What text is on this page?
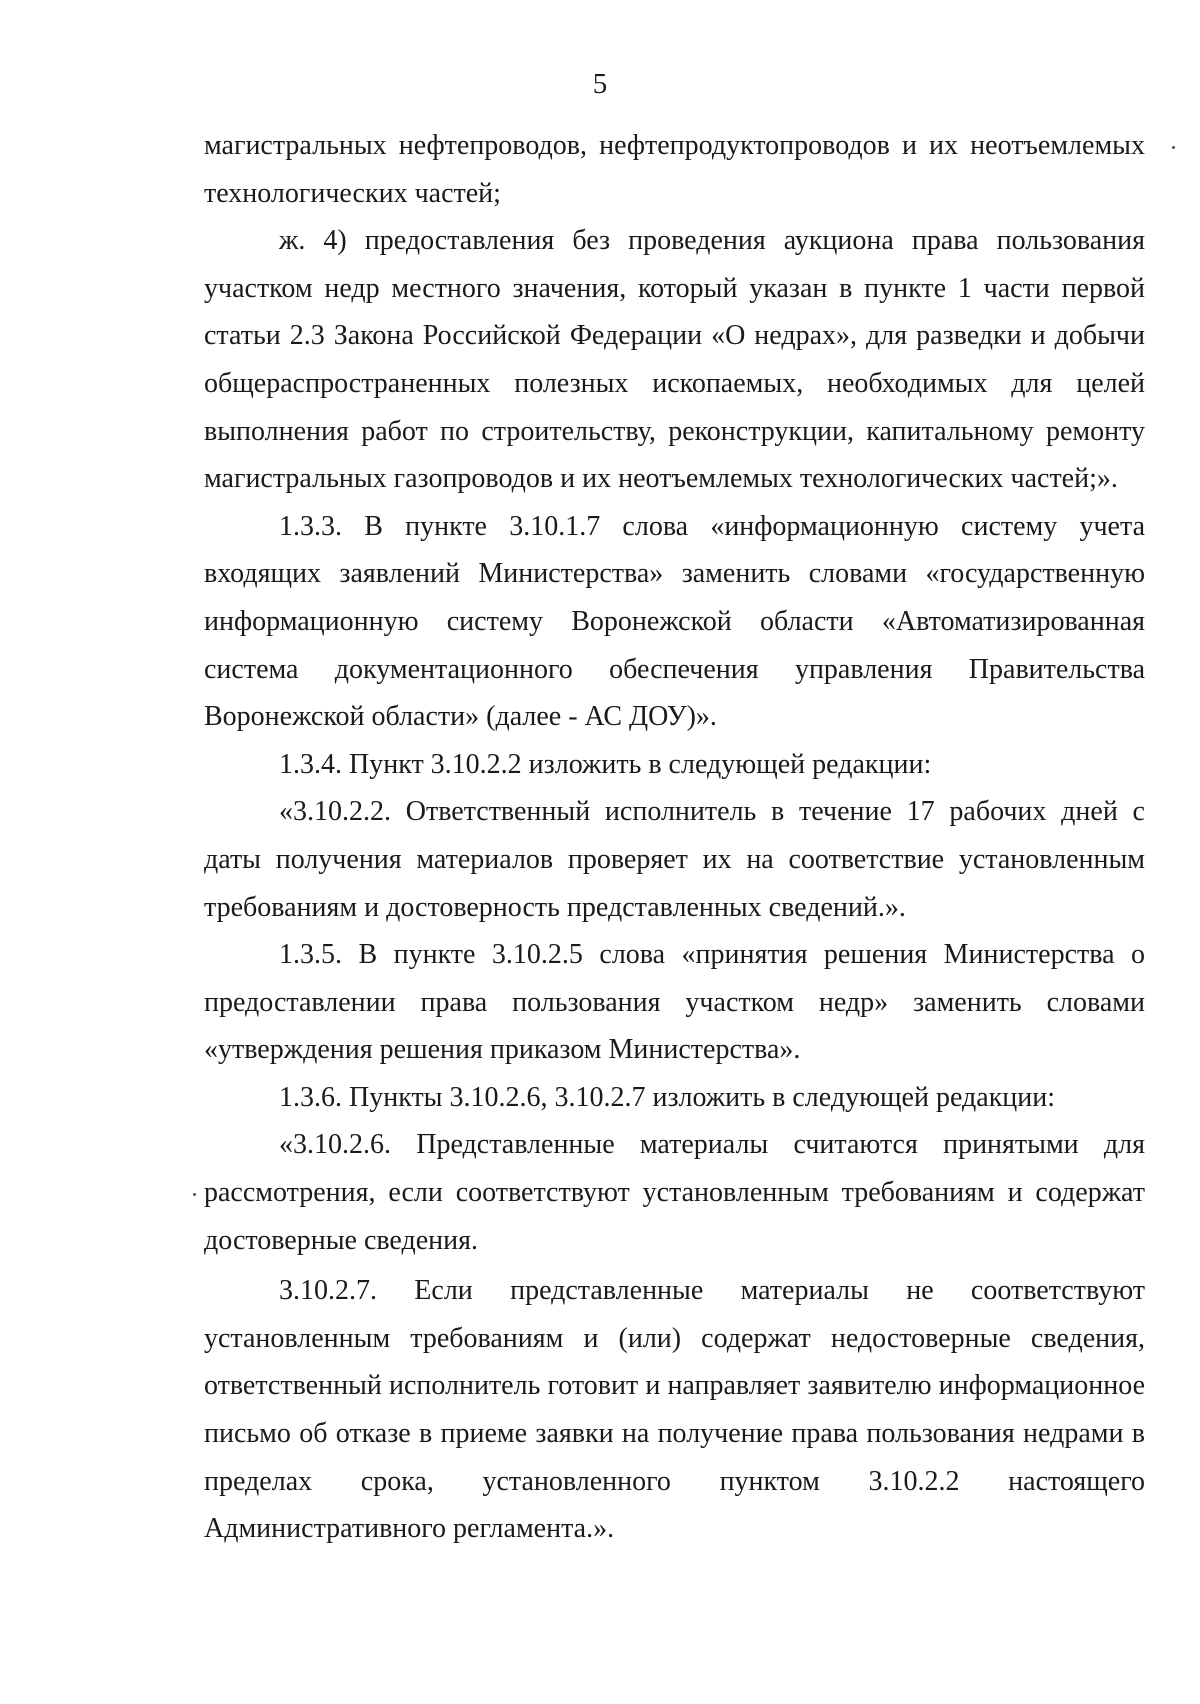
5

магистральных нефтепроводов, нефтепродуктопроводов и их неотъемлемых технологических частей;

ж. 4) предоставления без проведения аукциона права пользования участком недр местного значения, который указан в пункте 1 части первой статьи 2.3 Закона Российской Федерации «О недрах», для разведки и добычи общераспространенных полезных ископаемых, необходимых для целей выполнения работ по строительству, реконструкции, капитальному ремонту магистральных газопроводов и их неотъемлемых технологических частей;».

1.3.3. В пункте 3.10.1.7 слова «информационную систему учета входящих заявлений Министерства» заменить словами «государственную информационную систему Воронежской области «Автоматизированная система документационного обеспечения управления Правительства Воронежской области» (далее - АС ДОУ)».

1.3.4. Пункт 3.10.2.2 изложить в следующей редакции:

«3.10.2.2. Ответственный исполнитель в течение 17 рабочих дней с даты получения материалов проверяет их на соответствие установленным требованиям и достоверность представленных сведений.».

1.3.5. В пункте 3.10.2.5 слова «принятия решения Министерства о предоставлении права пользования участком недр» заменить словами «утверждения решения приказом Министерства».

1.3.6. Пункты 3.10.2.6, 3.10.2.7 изложить в следующей редакции:

«3.10.2.6. Представленные материалы считаются принятыми для рассмотрения, если соответствуют установленным требованиям и содержат достоверные сведения.

3.10.2.7. Если представленные материалы не соответствуют установленным требованиям и (или) содержат недостоверные сведения, ответственный исполнитель готовит и направляет заявителю информационное письмо об отказе в приеме заявки на получение права пользования недрами в пределах срока, установленного пунктом 3.10.2.2 настоящего Административного регламента.».
